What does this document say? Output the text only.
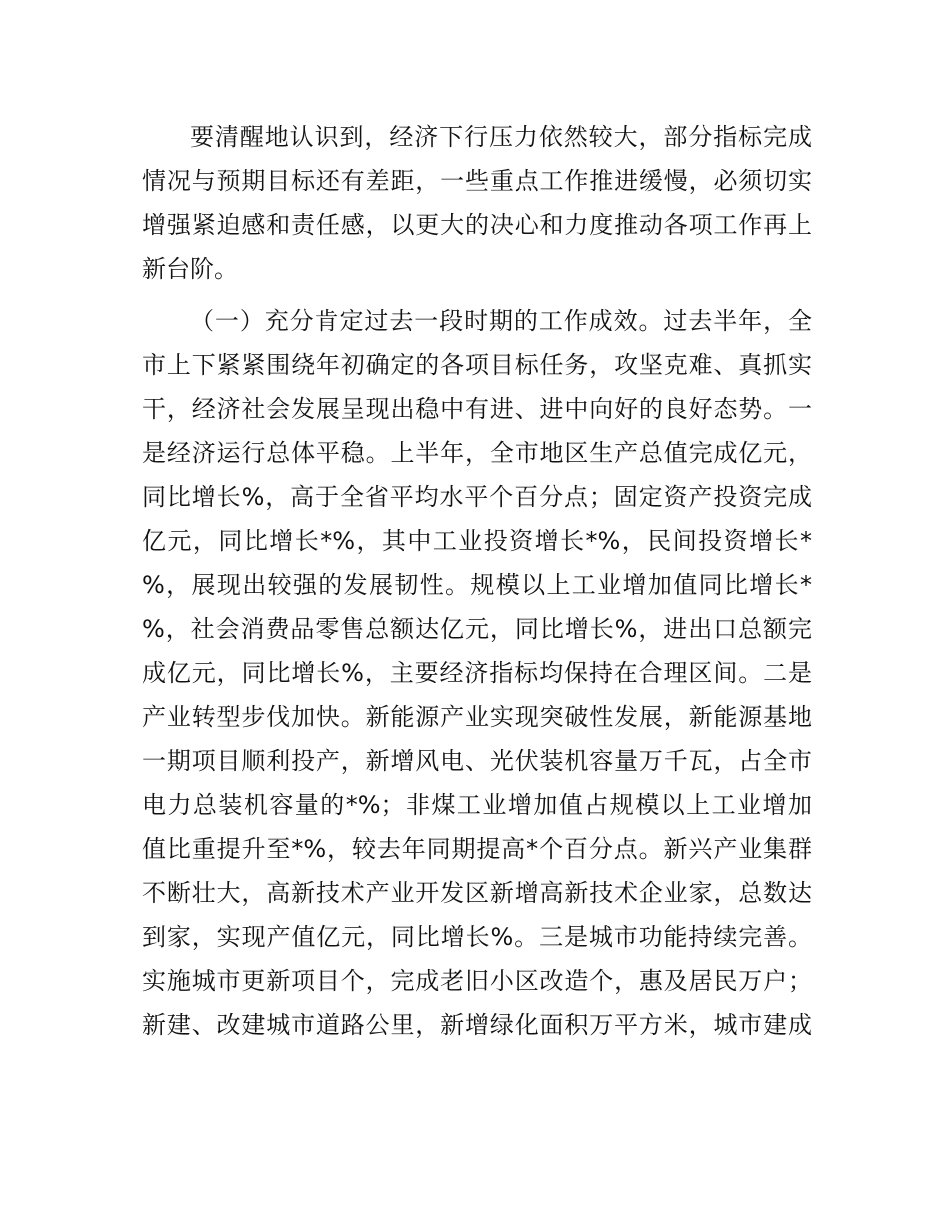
要清醒地认识到，经济下行压力依然较大，部分指标完成
情况与预期目标还有差距，一些重点工作推进缓慢，必须切实
增强紧迫感和责任感，以更大的决心和力度推动各项工作再上
新台阶。
（一）充分肯定过去一段时期的工作成效。过去半年，全
市上下紧紧围绕年初确定的各项目标任务，攻坚克难、真抓实
干，经济社会发展呈现出稳中有进、进中向好的良好态势。一
是经济运行总体平稳。上半年，全市地区生产总值完成亿元，
同比增长%，高于全省平均水平个百分点；固定资产投资完成
亿元，同比增长*%，其中工业投资增长*%，民间投资增长*
%，展现出较强的发展韧性。规模以上工业增加值同比增长*
%，社会消费品零售总额达亿元，同比增长%，进出口总额完
成亿元，同比增长%，主要经济指标均保持在合理区间。二是
产业转型步伐加快。新能源产业实现突破性发展，新能源基地
一期项目顺利投产，新增风电、光伏装机容量万千瓦，占全市
电力总装机容量的*%；非煤工业增加值占规模以上工业增加
值比重提升至*%，较去年同期提高*个百分点。新兴产业集群
不断壮大，高新技术产业开发区新增高新技术企业家，总数达
到家，实现产值亿元，同比增长%。三是城市功能持续完善。
实施城市更新项目个，完成老旧小区改造个，惠及居民万户；
新建、改建城市道路公里，新增绿化面积万平方米，城市建成
